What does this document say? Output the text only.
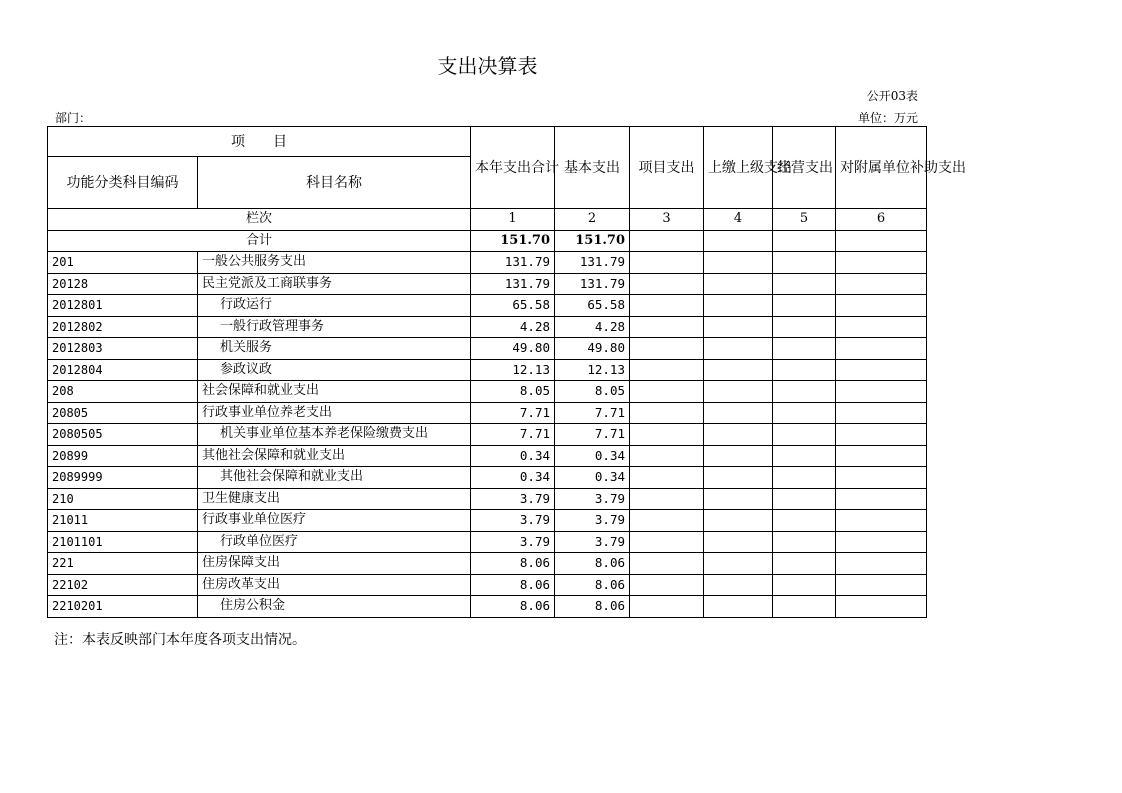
支出决算表
公开03表
部门：	单位：万元
项　　目		本年支出合计	基本支出	项目支出	上缴上级支出	经营支出	对附属单位补助支出
功能分类科目编码	科目名称						
栏次		1	2	3	4	5	6
合计		151.70	151.70				
201	一般公共服务支出	131.79	131.79				
20128	民主党派及工商联事务	131.79	131.79				
2012801	行政运行	65.58	65.58				
2012802	一般行政管理事务	4.28	4.28				
2012803	机关服务	49.80	49.80				
2012804	参政议政	12.13	12.13				
208	社会保障和就业支出	8.05	8.05				
20805	行政事业单位养老支出	7.71	7.71				
2080505	机关事业单位基本养老保险缴费支出	7.71	7.71				
20899	其他社会保障和就业支出	0.34	0.34				
2089999	其他社会保障和就业支出	0.34	0.34				
210	卫生健康支出	3.79	3.79				
21011	行政事业单位医疗	3.79	3.79				
2101101	行政单位医疗	3.79	3.79				
221	住房保障支出	8.06	8.06				
22102	住房改革支出	8.06	8.06				
2210201	住房公积金	8.06	8.06				
注：本表反映部门本年度各项支出情况。
